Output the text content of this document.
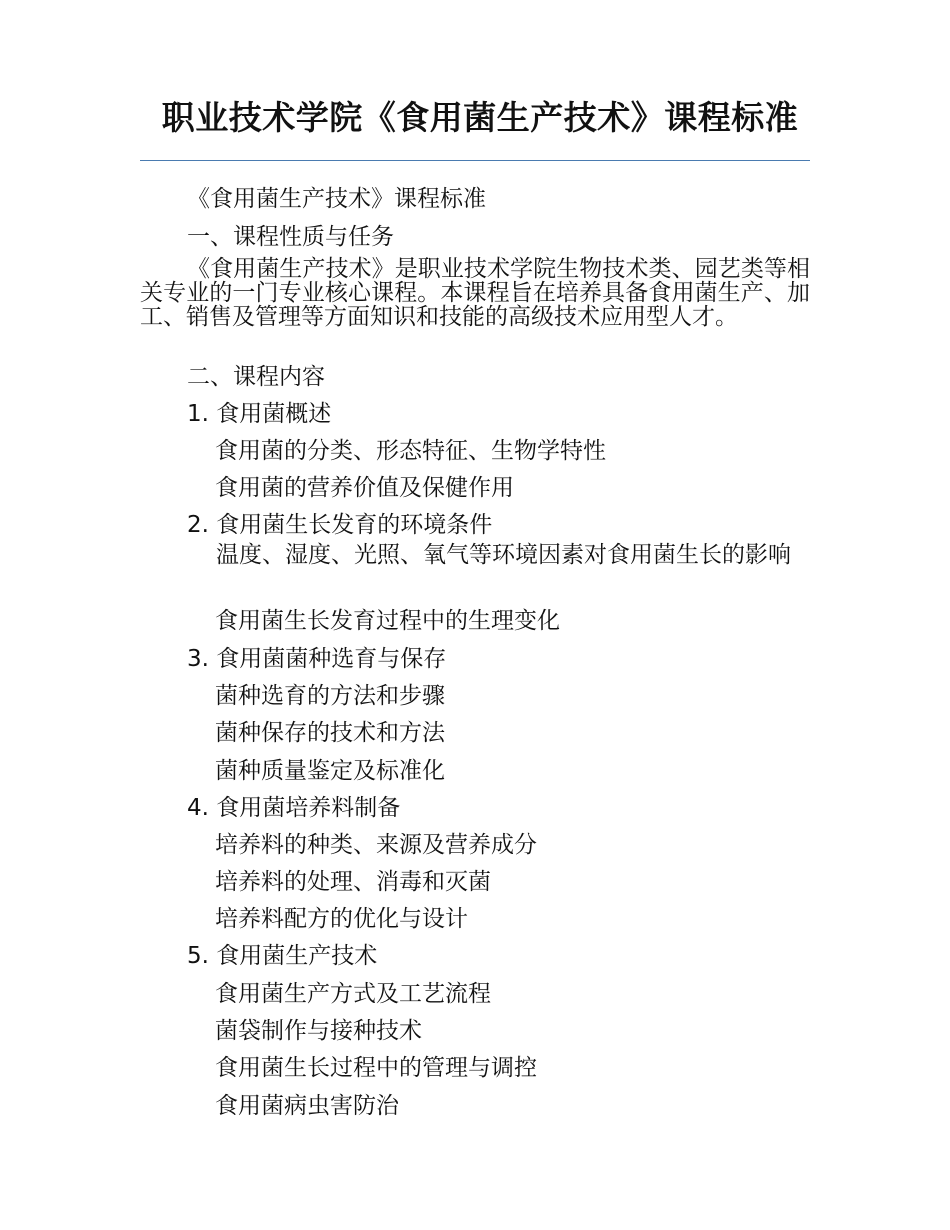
职业技术学院《食用菌生产技术》课程标准
《食用菌生产技术》课程标准
一、课程性质与任务
《食用菌生产技术》是职业技术学院生物技术类、园艺类等相关专业的一门专业核心课程。本课程旨在培养具备食用菌生产、加工、销售及管理等方面知识和技能的高级技术应用型人才。
二、课程内容
1. 食用菌概述
食用菌的分类、形态特征、生物学特性
食用菌的营养价值及保健作用
2. 食用菌生长发育的环境条件
温度、湿度、光照、氧气等环境因素对食用菌生长的影响
食用菌生长发育过程中的生理变化
3. 食用菌菌种选育与保存
菌种选育的方法和步骤
菌种保存的技术和方法
菌种质量鉴定及标准化
4. 食用菌培养料制备
培养料的种类、来源及营养成分
培养料的处理、消毒和灭菌
培养料配方的优化与设计
5. 食用菌生产技术
食用菌生产方式及工艺流程
菌袋制作与接种技术
食用菌生长过程中的管理与调控
食用菌病虫害防治
